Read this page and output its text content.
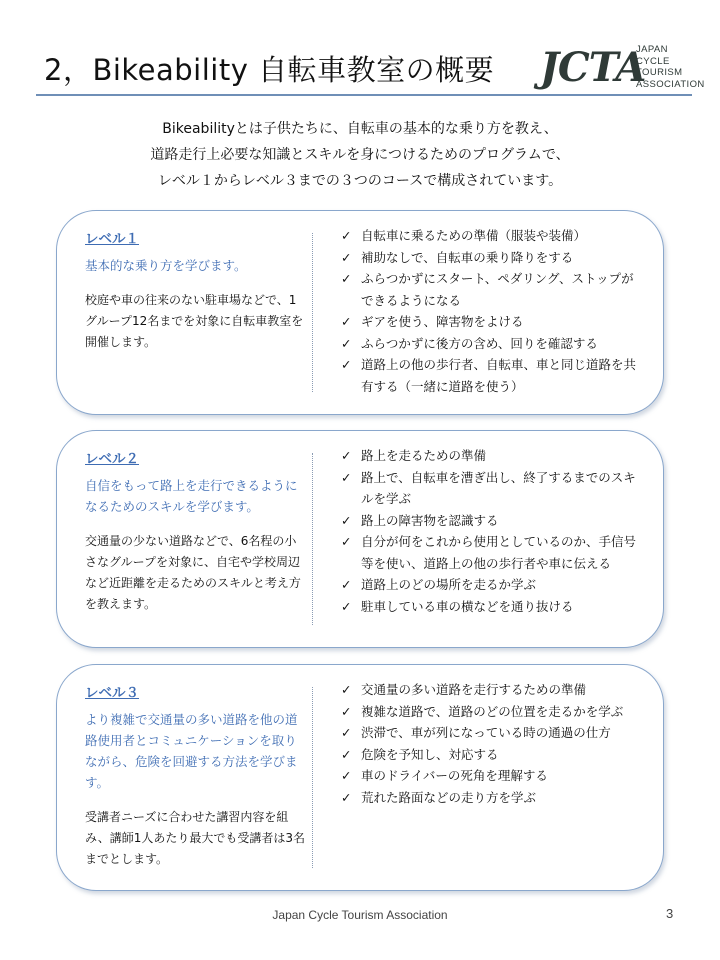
2，Bikeability 自転車教室の概要 JCTA
JAPAN
CYCLE
TOURISM
ASSOCIATION
Bikeabilityとは子供たちに、自転車の基本的な乗り方を教え、
道路走行上必要な知識とスキルを身につけるためのプログラムで、
レベル１からレベル３までの３つのコースで構成されています。
レベル１
基本的な乗り方を学びます。
校庭や車の往来のない駐車場などで、1グループ12名までを対象に自転車教室を開催します。
✓ 自転車に乗るための準備（服装や装備）
✓ 補助なしで、自転車の乗り降りをする
✓ ふらつかずにスタート、ペダリング、ストップができるようになる
✓ ギアを使う、障害物をよける
✓ ふらつかずに後方の含め、回りを確認する
✓ 道路上の他の歩行者、自転車、車と同じ道路を共有する（一緒に道路を使う）
レベル２
自信をもって路上を走行できるようになるためのスキルを学びます。
交通量の少ない道路などで、6名程の小さなグループを対象に、自宅や学校周辺など近距離を走るためのスキルと考え方を教えます。
✓ 路上を走るための準備
✓ 路上で、自転車を漕ぎ出し、終了するまでのスキルを学ぶ
✓ 路上の障害物を認識する
✓ 自分が何をこれから使用としているのか、手信号等を使い、道路上の他の歩行者や車に伝える
✓ 道路上のどの場所を走るか学ぶ
✓ 駐車している車の横などを通り抜ける
レベル３
より複雑で交通量の多い道路を他の道路使用者とコミュニケーションを取りながら、危険を回避する方法を学びます。
受講者ニーズに合わせた講習内容を組み、講師1人あたり最大でも受講者は3名までとします。
✓ 交通量の多い道路を走行するための準備
✓ 複雑な道路で、道路のどの位置を走るかを学ぶ
✓ 渋滞で、車が列になっている時の通過の仕方
✓ 危険を予知し、対応する
✓ 車のドライバーの死角を理解する
✓ 荒れた路面などの走り方を学ぶ
Japan Cycle Tourism Association	3
